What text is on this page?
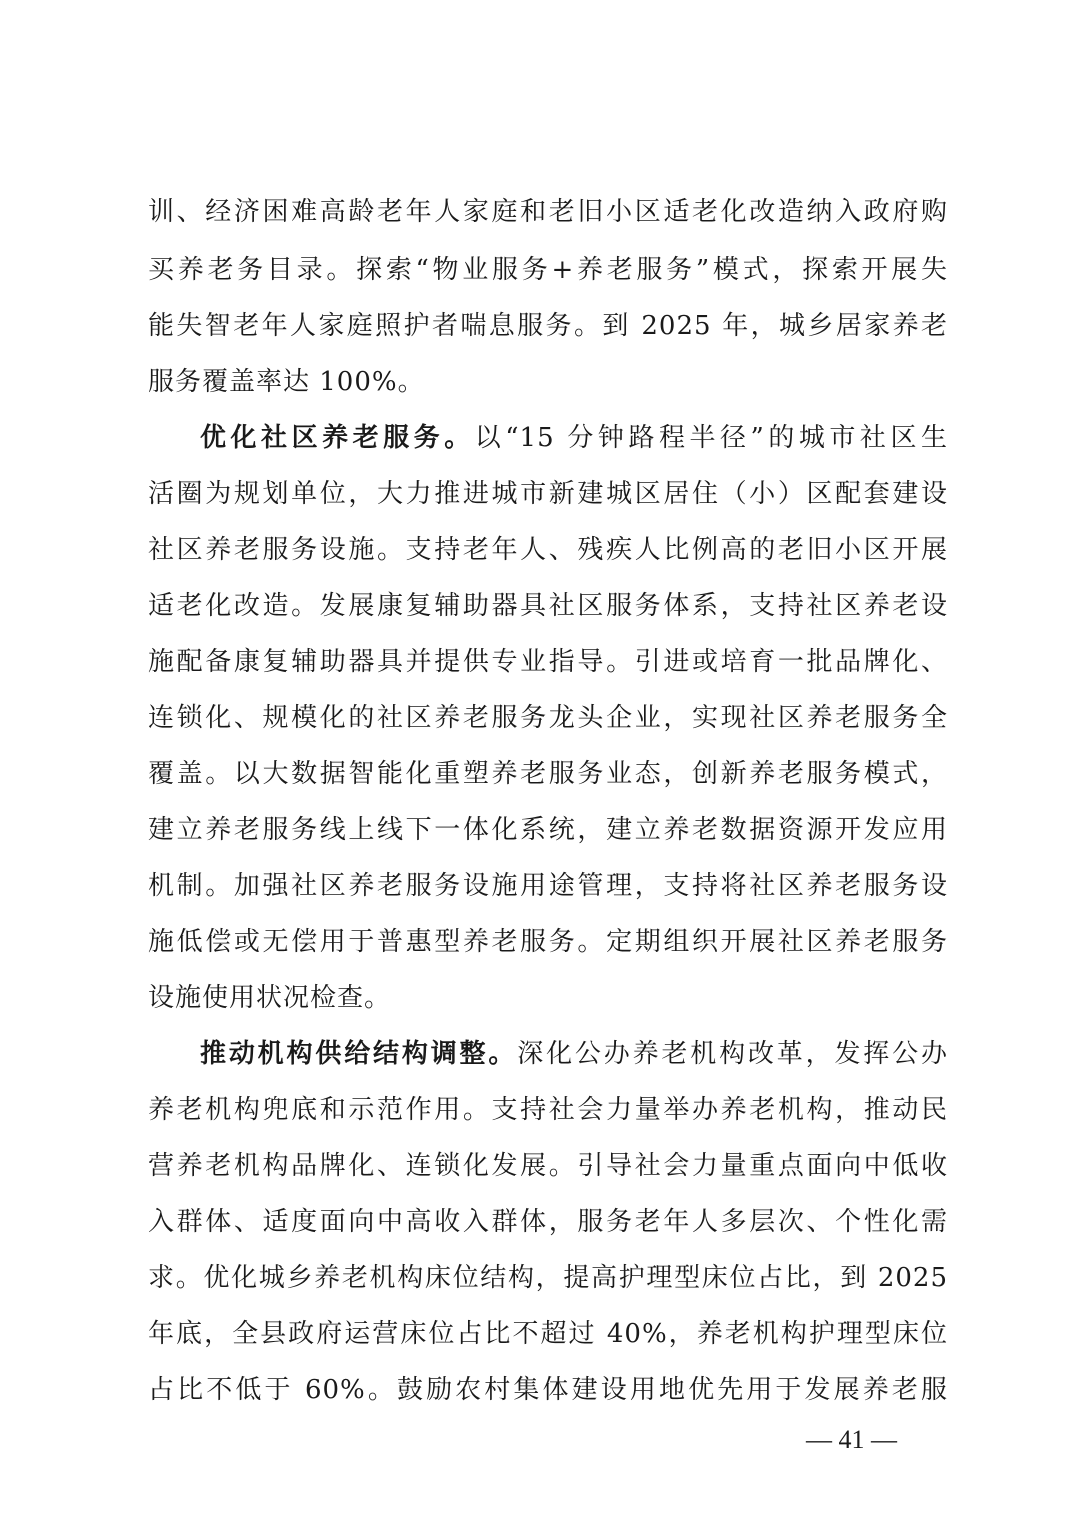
训、经济困难高龄老年人家庭和老旧小区适老化改造纳入政府购
买养老务目录。探索“物业服务+养老服务”模式，探索开展失
能失智老年人家庭照护者喘息服务。到 2025 年，城乡居家养老
服务覆盖率达 100%。
优化社区养老服务。以“15 分钟路程半径”的城市社区生
活圈为规划单位，大力推进城市新建城区居住（小）区配套建设
社区养老服务设施。支持老年人、残疾人比例高的老旧小区开展
适老化改造。发展康复辅助器具社区服务体系，支持社区养老设
施配备康复辅助器具并提供专业指导。引进或培育一批品牌化、
连锁化、规模化的社区养老服务龙头企业，实现社区养老服务全
覆盖。以大数据智能化重塑养老服务业态，创新养老服务模式，
建立养老服务线上线下一体化系统，建立养老数据资源开发应用
机制。加强社区养老服务设施用途管理，支持将社区养老服务设
施低偿或无偿用于普惠型养老服务。定期组织开展社区养老服务
设施使用状况检查。
推动机构供给结构调整。深化公办养老机构改革，发挥公办
养老机构兜底和示范作用。支持社会力量举办养老机构，推动民
营养老机构品牌化、连锁化发展。引导社会力量重点面向中低收
入群体、适度面向中高收入群体，服务老年人多层次、个性化需
求。优化城乡养老机构床位结构，提高护理型床位占比，到 2025
年底，全县政府运营床位占比不超过 40%，养老机构护理型床位
占比不低于 60%。鼓励农村集体建设用地优先用于发展养老服
— 41 —
